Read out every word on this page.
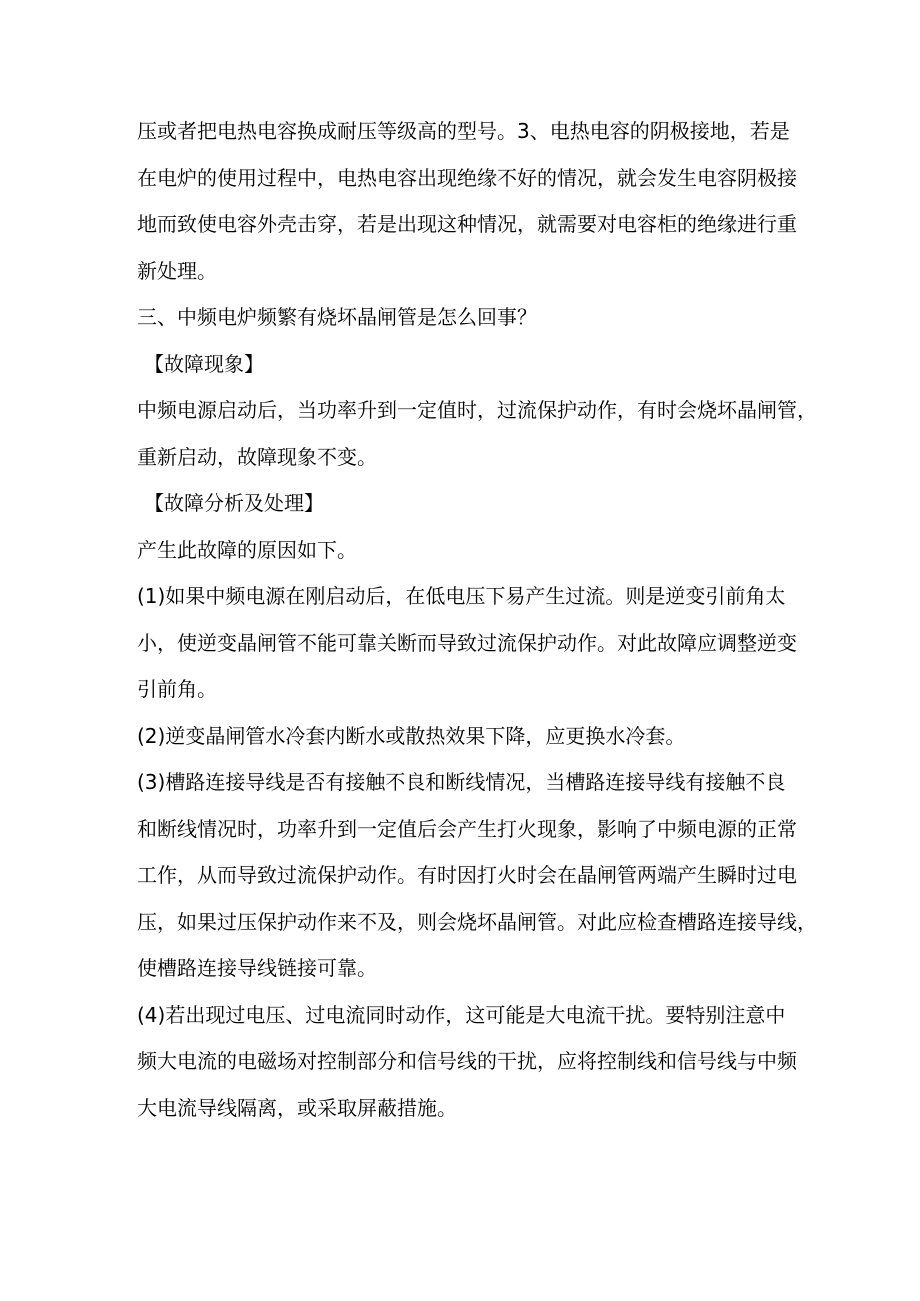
压或者把电热电容换成耐压等级高的型号。3、电热电容的阴极接地，若是
在电炉的使用过程中，电热电容出现绝缘不好的情况，就会发生电容阴极接
地而致使电容外壳击穿，若是出现这种情况，就需要对电容柜的绝缘进行重
新处理。
三、中频电炉频繁有烧坏晶闸管是怎么回事？
【故障现象】
中频电源启动后，当功率升到一定值时，过流保护动作，有时会烧坏晶闸管，
重新启动，故障现象不变。
【故障分析及处理】
产生此故障的原因如下。
(1)如果中频电源在刚启动后，在低电压下易产生过流。则是逆变引前角太
小，使逆变晶闸管不能可靠关断而导致过流保护动作。对此故障应调整逆变
引前角。
(2)逆变晶闸管水冷套内断水或散热效果下降，应更换水冷套。
(3)槽路连接导线是否有接触不良和断线情况，当槽路连接导线有接触不良
和断线情况时，功率升到一定值后会产生打火现象，影响了中频电源的正常
工作，从而导致过流保护动作。有时因打火时会在晶闸管两端产生瞬时过电
压，如果过压保护动作来不及，则会烧坏晶闸管。对此应检查槽路连接导线，
使槽路连接导线链接可靠。
(4)若出现过电压、过电流同时动作，这可能是大电流干扰。要特别注意中
频大电流的电磁场对控制部分和信号线的干扰，应将控制线和信号线与中频
大电流导线隔离，或采取屏蔽措施。
